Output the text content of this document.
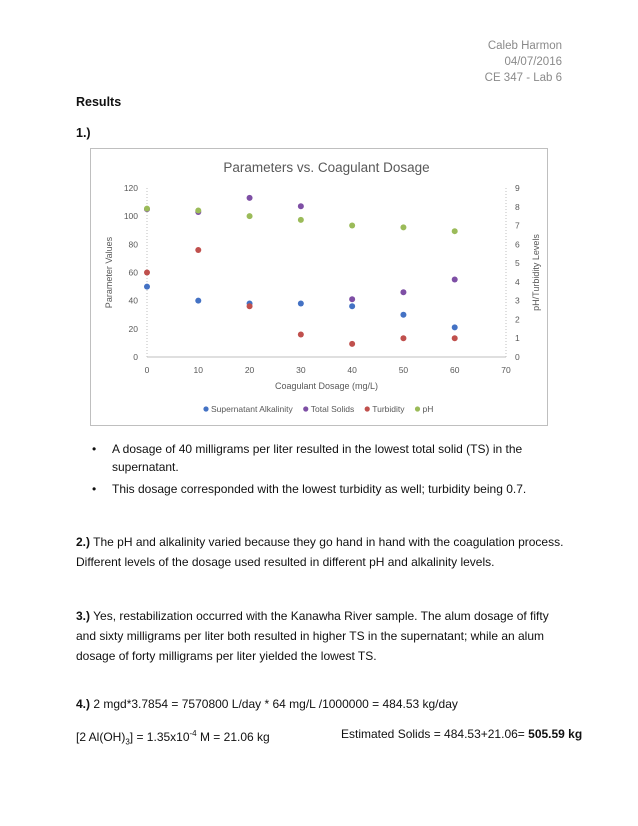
Caleb Harmon
04/07/2016
CE 347 - Lab 6
Results
1.)
Parameters vs. Coagulant Dosage
0
20
40
60
80
100
120
0
1
2
3
4
5
6
7
8
9
0	10	20	30	40	50	60	70
Coagulant Dosage (mg/L)
Parameter Values	pH/Turbidity Levels
Supernatant Alkalinity Total Solids Turbidity pH
• A dosage of 40 milligrams per liter resulted in the lowest total solid (TS) in the supernatant.
• This dosage corresponded with the lowest turbidity as well; turbidity being 0.7.
2.) The pH and alkalinity varied because they go hand in hand with the coagulation process. Different levels of the dosage used resulted in different pH and alkalinity levels.
3.) Yes, restabilization occurred with the Kanawha River sample. The alum dosage of fifty and sixty milligrams per liter both resulted in higher TS in the supernatant; while an alum dosage of forty milligrams per liter yielded the lowest TS.
4.) 2 mgd*3.7854 = 7570800 L/day * 64 mg/L /1000000 = 484.53 kg/day
[2 $Al(OH)_3] = 1.35x10^{-4}$ M = 21.06 kg	Estimated Solids = 484.53+21.06= 505.59 kg
